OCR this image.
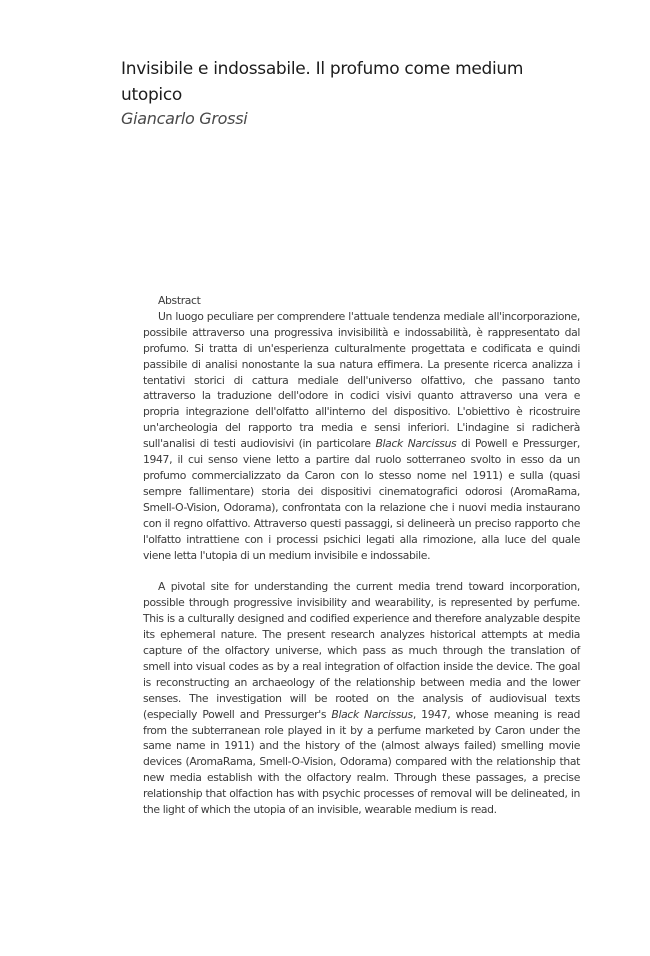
Invisibile e indossabile. Il profumo come medium utopico

Giancarlo Grossi

Abstract

Un luogo peculiare per comprendere l'attuale tendenza mediale all'incorporazione, possibile attraverso una progressiva invisibilità e indossabilità, è rappresentato dal profumo. Si tratta di un'esperienza culturalmente progettata e codificata e quindi passibile di analisi nonostante la sua natura effimera. La presente ricerca analizza i tentativi storici di cattura mediale dell'universo olfattivo, che passano tanto attraverso la traduzione dell'odore in codici visivi quanto attraverso una vera e propria integrazione dell'olfatto all'interno del dispositivo. L'obiettivo è ricostruire un'archeologia del rapporto tra media e sensi inferiori. L'indagine si radicherà sull'analisi di testi audiovisivi (in particolare Black Narcissus di Powell e Pressurger, 1947, il cui senso viene letto a partire dal ruolo sotterraneo svolto in esso da un profumo commercializzato da Caron con lo stesso nome nel 1911) e sulla (quasi sempre fallimentare) storia dei dispositivi cinematografici odorosi (AromaRama, Smell-O-Vision, Odorama), confrontata con la relazione che i nuovi media instaurano con il regno olfattivo. Attraverso questi passaggi, si delineerà un preciso rapporto che l'olfatto intrattiene con i processi psichici legati alla rimozione, alla luce del quale viene letta l'utopia di un medium invisibile e indossabile.

A pivotal site for understanding the current media trend toward incorporation, possible through progressive invisibility and wearability, is represented by perfume. This is a culturally designed and codified experience and therefore analyzable despite its ephemeral nature. The present research analyzes historical attempts at media capture of the olfactory universe, which pass as much through the translation of smell into visual codes as by a real integration of olfaction inside the device. The goal is reconstructing an archaeology of the relationship between media and the lower senses. The investigation will be rooted on the analysis of audiovisual texts (especially Powell and Pressurger's Black Narcissus, 1947, whose meaning is read from the subterranean role played in it by a perfume marketed by Caron under the same name in 1911) and the history of the (almost always failed) smelling movie devices (AromaRama, Smell-O-Vision, Odorama) compared with the relationship that new media establish with the olfactory realm. Through these passages, a precise relationship that olfaction has with psychic processes of removal will be delineated, in the light of which the utopia of an invisible, wearable medium is read.
